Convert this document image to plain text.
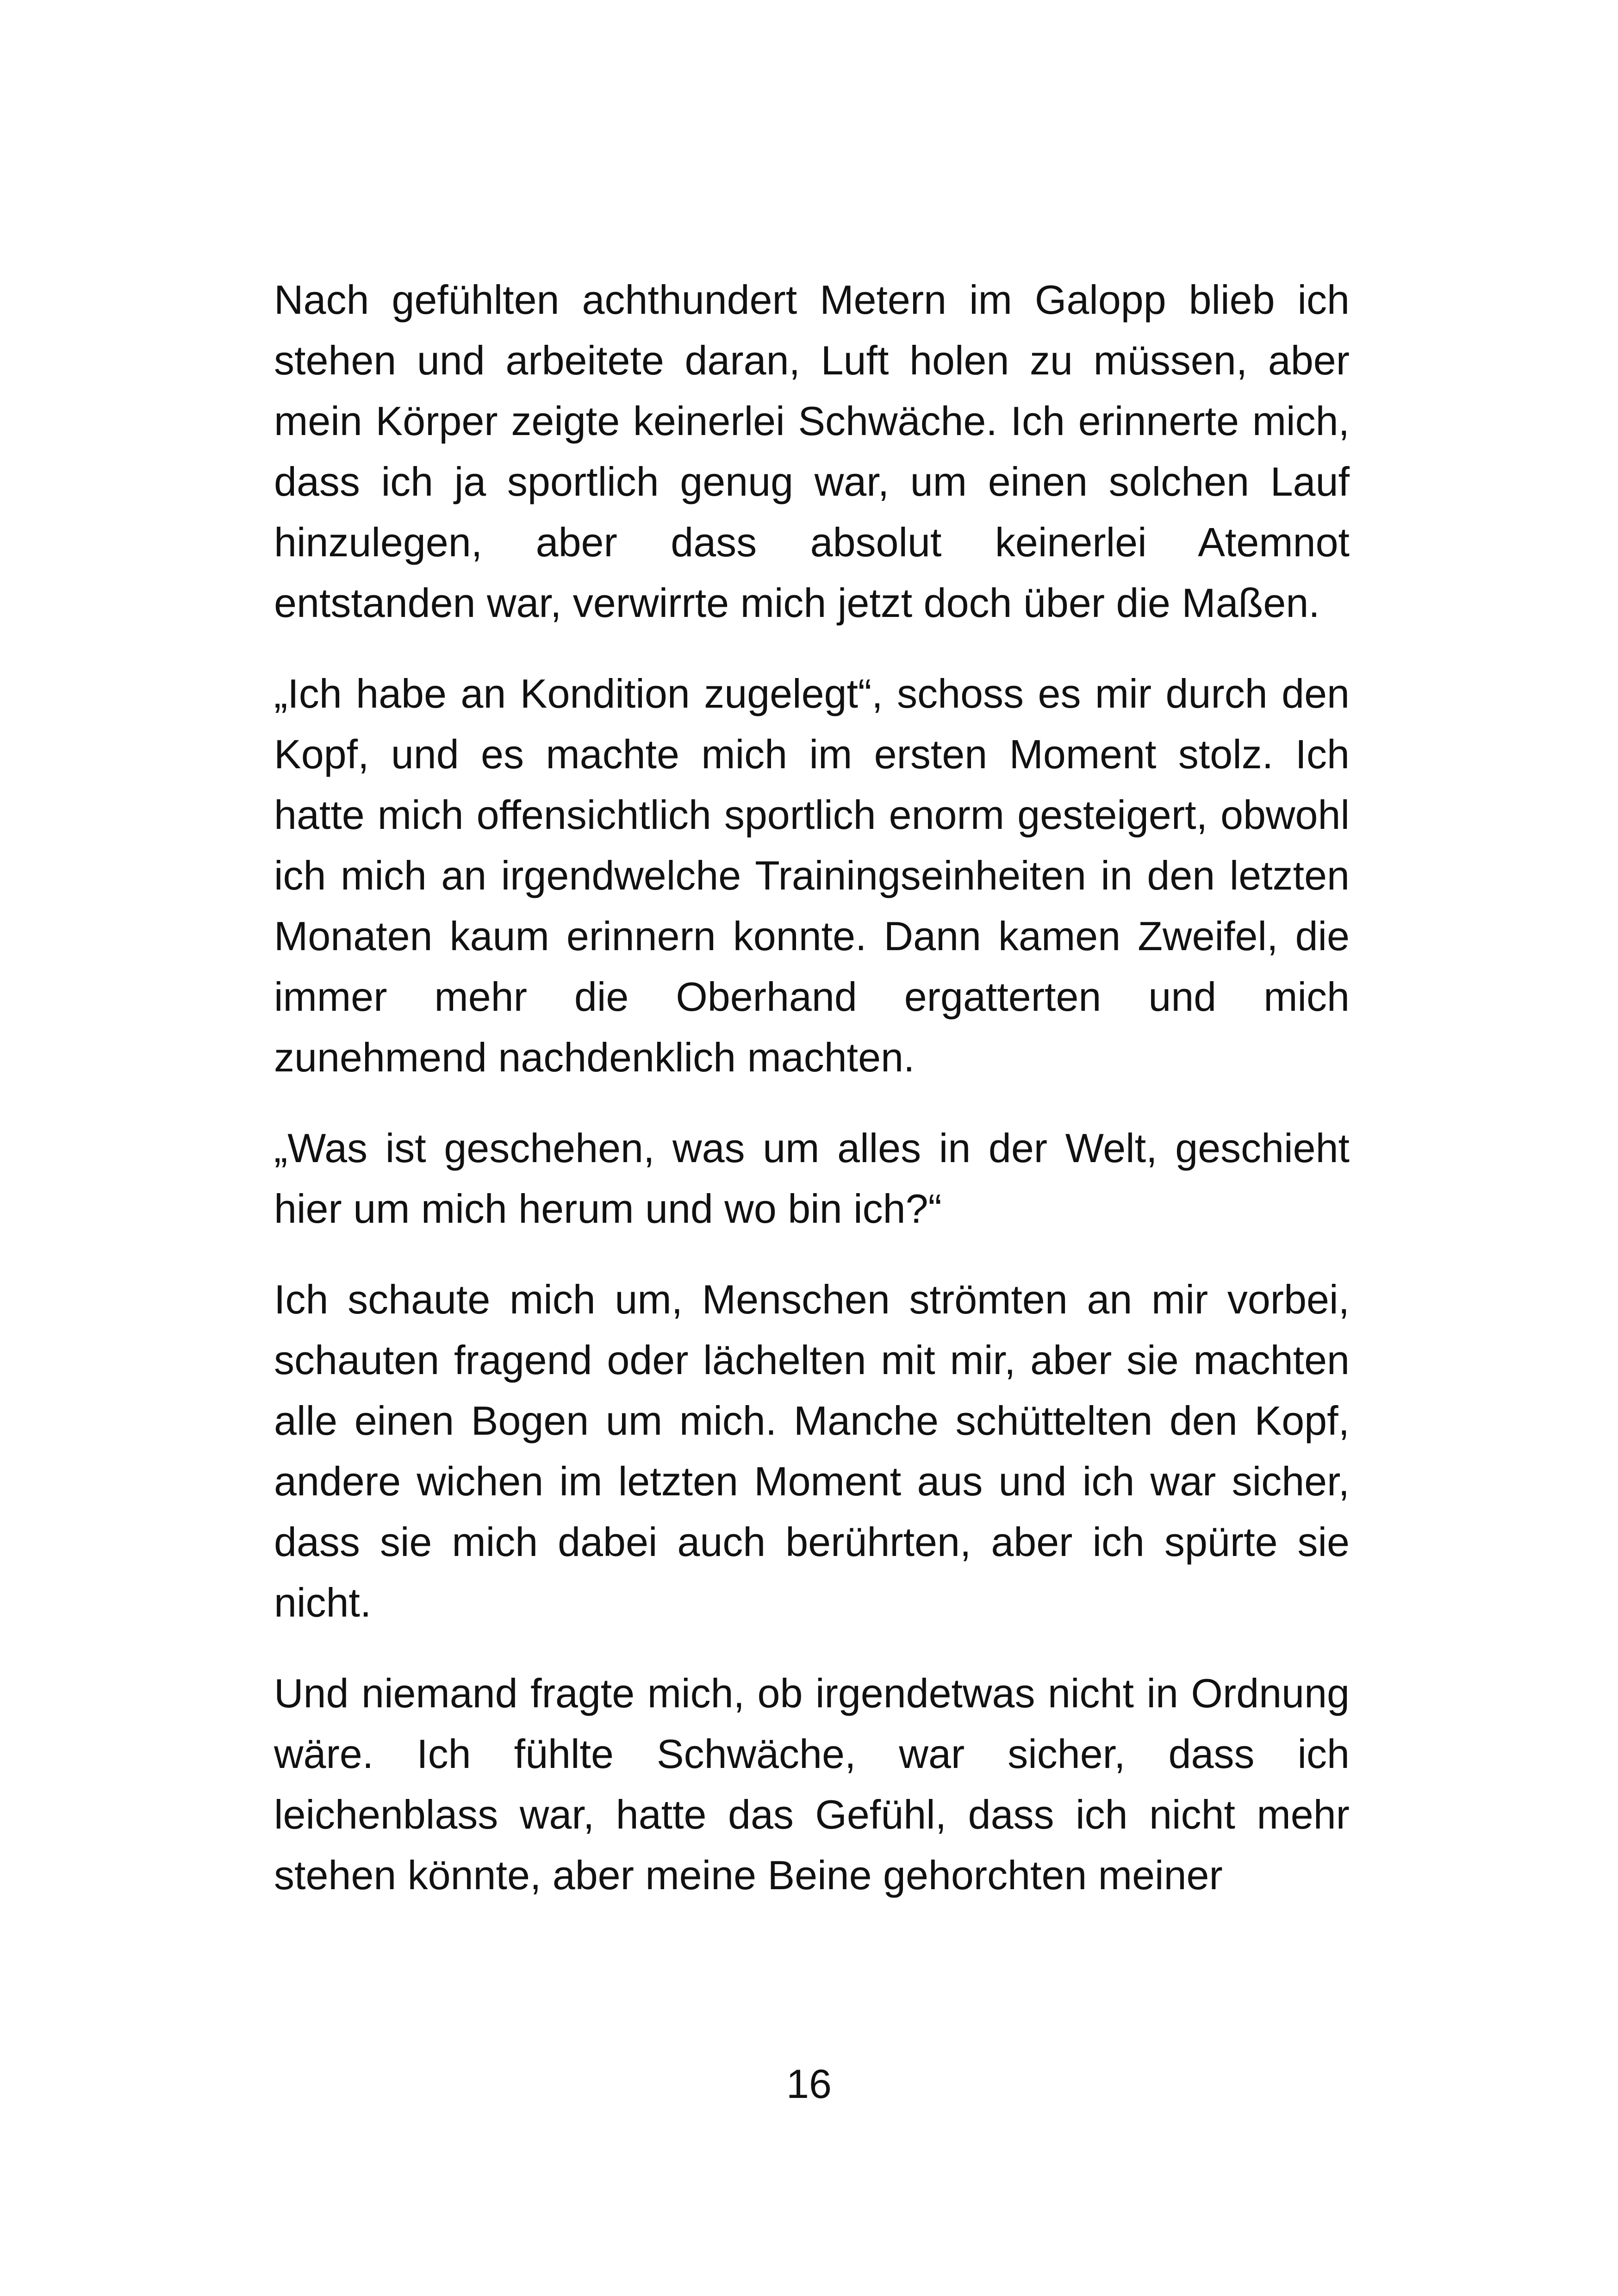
Nach gefühlten achthundert Metern im Galopp blieb ich stehen und arbeitete daran, Luft holen zu müssen, aber mein Körper zeigte keinerlei Schwäche. Ich erinnerte mich, dass ich ja sportlich genug war, um einen solchen Lauf hinzulegen, aber dass absolut keinerlei Atemnot entstanden war, verwirrte mich jetzt doch über die Maßen.

„Ich habe an Kondition zugelegt“, schoss es mir durch den Kopf, und es machte mich im ersten Moment stolz. Ich hatte mich offensichtlich sportlich enorm gesteigert, obwohl ich mich an irgendwelche Trainingseinheiten in den letzten Monaten kaum erinnern konnte. Dann kamen Zweifel, die immer mehr die Oberhand ergatterten und mich zunehmend nachdenklich machten.

„Was ist geschehen, was um alles in der Welt, geschieht hier um mich herum und wo bin ich?“

Ich schaute mich um, Menschen strömten an mir vorbei, schauten fragend oder lächelten mit mir, aber sie machten alle einen Bogen um mich. Manche schüttelten den Kopf, andere wichen im letzten Moment aus und ich war sicher, dass sie mich dabei auch berührten, aber ich spürte sie nicht.

Und niemand fragte mich, ob irgendetwas nicht in Ordnung wäre. Ich fühlte Schwäche, war sicher, dass ich leichenblass war, hatte das Gefühl, dass ich nicht mehr stehen könnte, aber meine Beine gehorchten meiner

16
